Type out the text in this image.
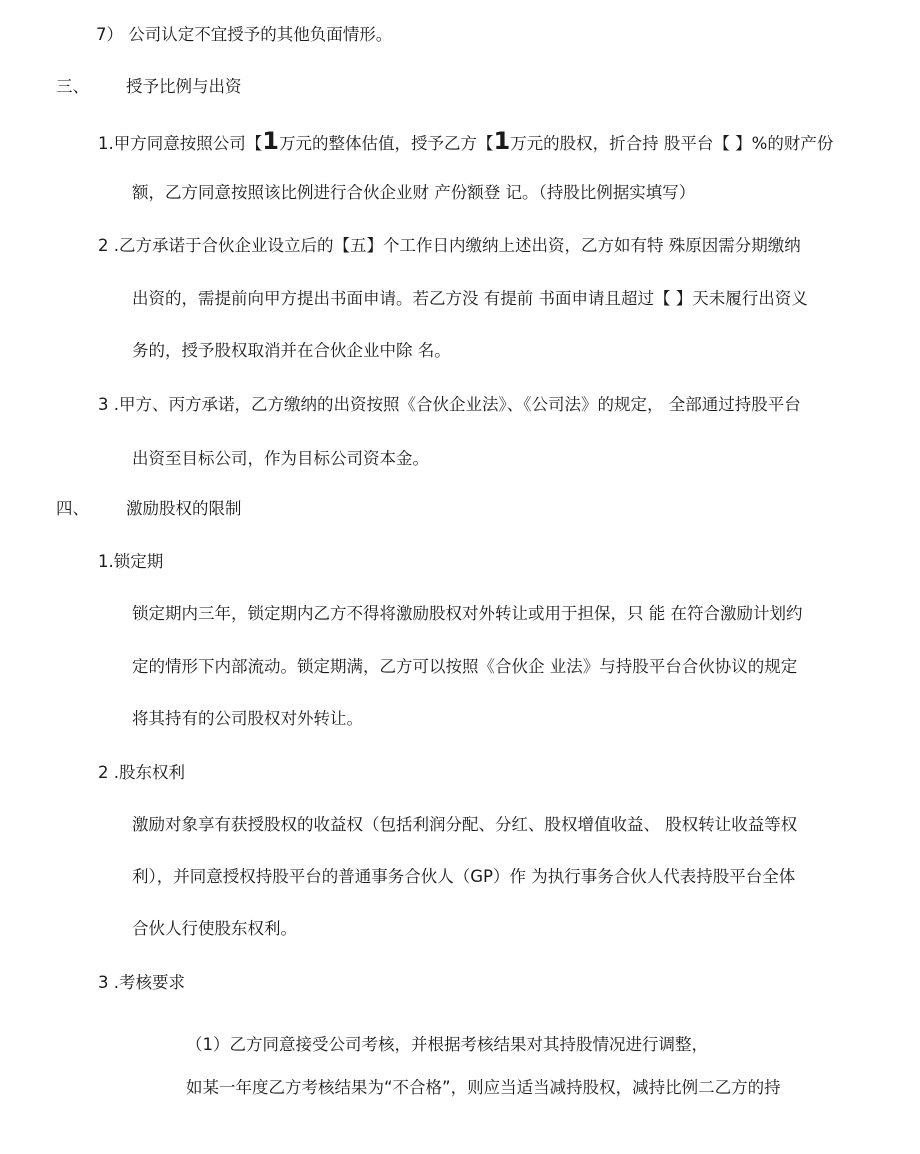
7） 公司认定不宜授予的其他负面情形。
三、 授予比例与出资
1.甲方同意按照公司【1万元的整体估值，授予乙方【1万元的股权，折合持 股平台【 】%的财产份
额，乙方同意按照该比例进行合伙企业财 产份额登 记。（持股比例据实填写）
2 .乙方承诺于合伙企业设立后的【五】个工作日内缴纳上述出资，乙方如有特 殊原因需分期缴纳
出资的，需提前向甲方提出书面申请。若乙方没 有提前 书面申请且超过【 】天未履行出资义
务的，授予股权取消并在合伙企业中除 名。
3 .甲方、丙方承诺，乙方缴纳的出资按照《合伙企业法》、《公司法》的规定， 全部通过持股平台
出资至目标公司，作为目标公司资本金。
四、 激励股权的限制
1.锁定期
锁定期内三年，锁定期内乙方不得将激励股权对外转让或用于担保，只 能 在符合激励计划约
定的情形下内部流动。锁定期满，乙方可以按照《合伙企 业法》与持股平台合伙协议的规定
将其持有的公司股权对外转让。
2 .股东权利
激励对象享有获授股权的收益权（包括利润分配、分红、股权增值收益、 股权转让收益等权
利），并同意授权持股平台的普通事务合伙人（GP）作 为执行事务合伙人代表持股平台全体
合伙人行使股东权利。
3 .考核要求
（1）乙方同意接受公司考核，并根据考核结果对其持股情况进行调整，
如某一年度乙方考核结果为“不合格”，则应当适当减持股权，减持比例二乙方的持
